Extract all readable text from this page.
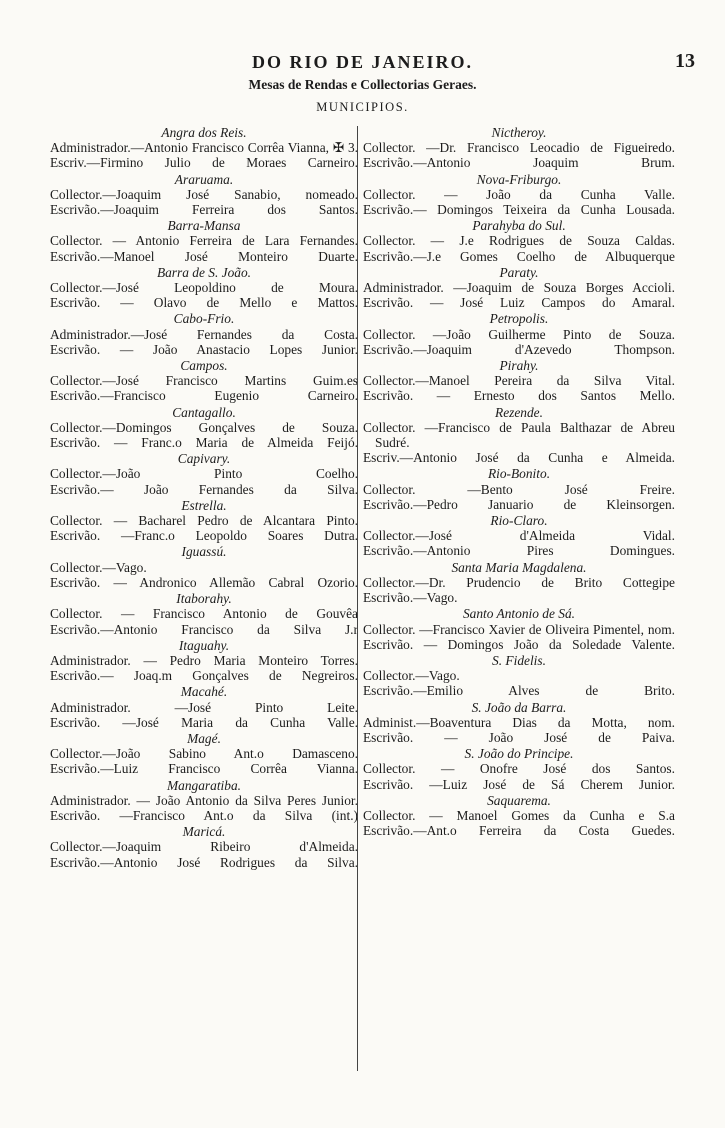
DO RIO DE JANEIRO.	13
Mesas de Rendas e Collectorias Geraes.
MUNICIPIOS.
Angra dos Reis.
Administrador.—Antonio Francisco Corrêa Vianna, ✠ 3.
Escriv.—Firmino Julio de Moraes Carneiro.
Araruama.
Collector.—Joaquim José Sanabio, nomeado.
Escrivão.—Joaquim Ferreira dos Santos.
Barra-Mansa
Collector. — Antonio Ferreira de Lara Fernandes.
Escrivão.—Manoel José Monteiro Duarte.
Barra de S. João.
Collector.—José Leopoldino de Moura.
Escrivão. — Olavo de Mello e Mattos.
Cabo-Frio.
Administrador.—José Fernandes da Costa.
Escrivão. — João Anastacio Lopes Junior.
Campos.
Collector.—José Francisco Martins Guim.es
Escrivão.—Francisco Eugenio Carneiro.
Cantagallo.
Collector.—Domingos Gonçalves de Souza.
Escrivão. — Franc.o Maria de Almeida Feijó.
Capivary.
Collector.—João Pinto Coelho.
Escrivão.— João Fernandes da Silva.
Estrella.
Collector. — Bacharel Pedro de Alcantara Pinto.
Escrivão. —Franc.o Leopoldo Soares Dutra.
Iguassú.
Collector.—Vago.
Escrivão. — Andronico Allemão Cabral Ozorio.
Itaborahy.
Collector. — Francisco Antonio de Gouvêa
Escrivão.—Antonio Francisco da Silva J.r
Itaguahy.
Administrador. — Pedro Maria Monteiro Torres.
Escrivão.— Joaq.m Gonçalves de Negreiros.
Macahé.
Administrador. —José Pinto Leite.
Escrivão. —José Maria da Cunha Valle.
Magé.
Collector.—João Sabino Ant.o Damasceno.
Escrivão.—Luiz Francisco Corrêa Vianna.
Mangaratiba.
Administrador. — João Antonio da Silva Peres Junior.
Escrivão. —Francisco Ant.o da Silva (int.)
Maricá.
Collector.—Joaquim Ribeiro d'Almeida.
Escrivão.—Antonio José Rodrigues da Silva.
Nictheroy.
Collector. —Dr. Francisco Leocadio de Figueiredo.
Escrivão.—Antonio Joaquim Brum.
Nova-Friburgo.
Collector. — João da Cunha Valle.
Escrivão.— Domingos Teixeira da Cunha Lousada.
Parahyba do Sul.
Collector. — J.e Rodrigues de Souza Caldas.
Escrivão.—J.e Gomes Coelho de Albuquerque
Paraty.
Administrador. —Joaquim de Souza Borges Accioli.
Escrivão. — José Luiz Campos do Amaral.
Petropolis.
Collector. —João Guilherme Pinto de Souza.
Escrivão.—Joaquim d'Azevedo Thompson.
Pirahy.
Collector.—Manoel Pereira da Silva Vital.
Escrivão. — Ernesto dos Santos Mello.
Rezende.
Collector. —Francisco de Paula Balthazar de Abreu Sudré.
Escriv.—Antonio José da Cunha e Almeida.
Rio-Bonito.
Collector. —Bento José Freire.
Escrivão.—Pedro Januario de Kleinsorgen.
Rio-Claro.
Collector.—José d'Almeida Vidal.
Escrivão.—Antonio Pires Domingues.
Santa Maria Magdalena.
Collector.—Dr. Prudencio de Brito Cottegipe
Escrivão.—Vago.
Santo Antonio de Sá.
Collector. —Francisco Xavier de Oliveira Pimentel, nom.
Escrivão. — Domingos João da Soledade Valente.
S. Fidelis.
Collector.—Vago.
Escrivão.—Emilio Alves de Brito.
S. João da Barra.
Administ.—Boaventura Dias da Motta, nom.
Escrivão. — João José de Paiva.
S. João do Principe.
Collector. — Onofre José dos Santos.
Escrivão. —Luiz José de Sá Cherem Junior.
Saquarema.
Collector. — Manoel Gomes da Cunha e S.a
Escrivão.—Ant.o Ferreira da Costa Guedes.
